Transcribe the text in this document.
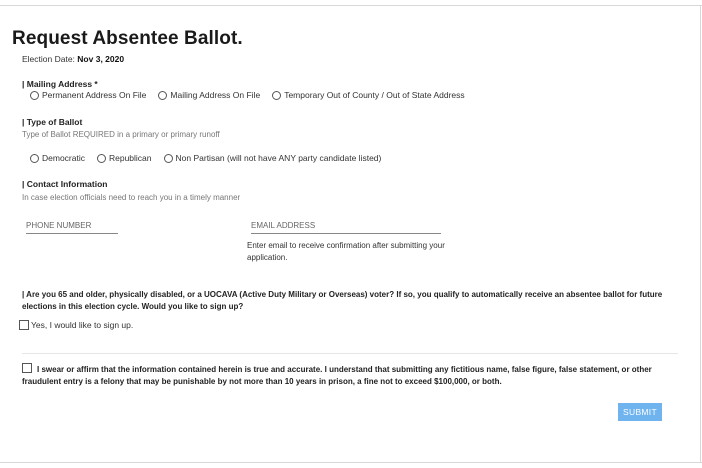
Request Absentee Ballot.
Election Date: Nov 3, 2020
| Mailing Address *
Permanent Address On File	Mailing Address On File	Temporary Out of County / Out of State Address
| Type of Ballot
Type of Ballot REQUIRED in a primary or primary runoff
Democratic	Republican	Non Partisan (will not have ANY party candidate listed)
| Contact Information
In case election officials need to reach you in a timely manner
PHONE NUMBER	EMAIL ADDRESS
Enter email to receive confirmation after submitting your application.
| Are you 65 and older, physically disabled, or a UOCAVA (Active Duty Military or Overseas) voter? If so, you qualify to automatically receive an absentee ballot for future elections in this election cycle. Would you like to sign up?
Yes, I would like to sign up.
I swear or affirm that the information contained herein is true and accurate. I understand that submitting any fictitious name, false figure, false statement, or other fraudulent entry is a felony that may be punishable by not more than 10 years in prison, a fine not to exceed $100,000, or both.
SUBMIT
